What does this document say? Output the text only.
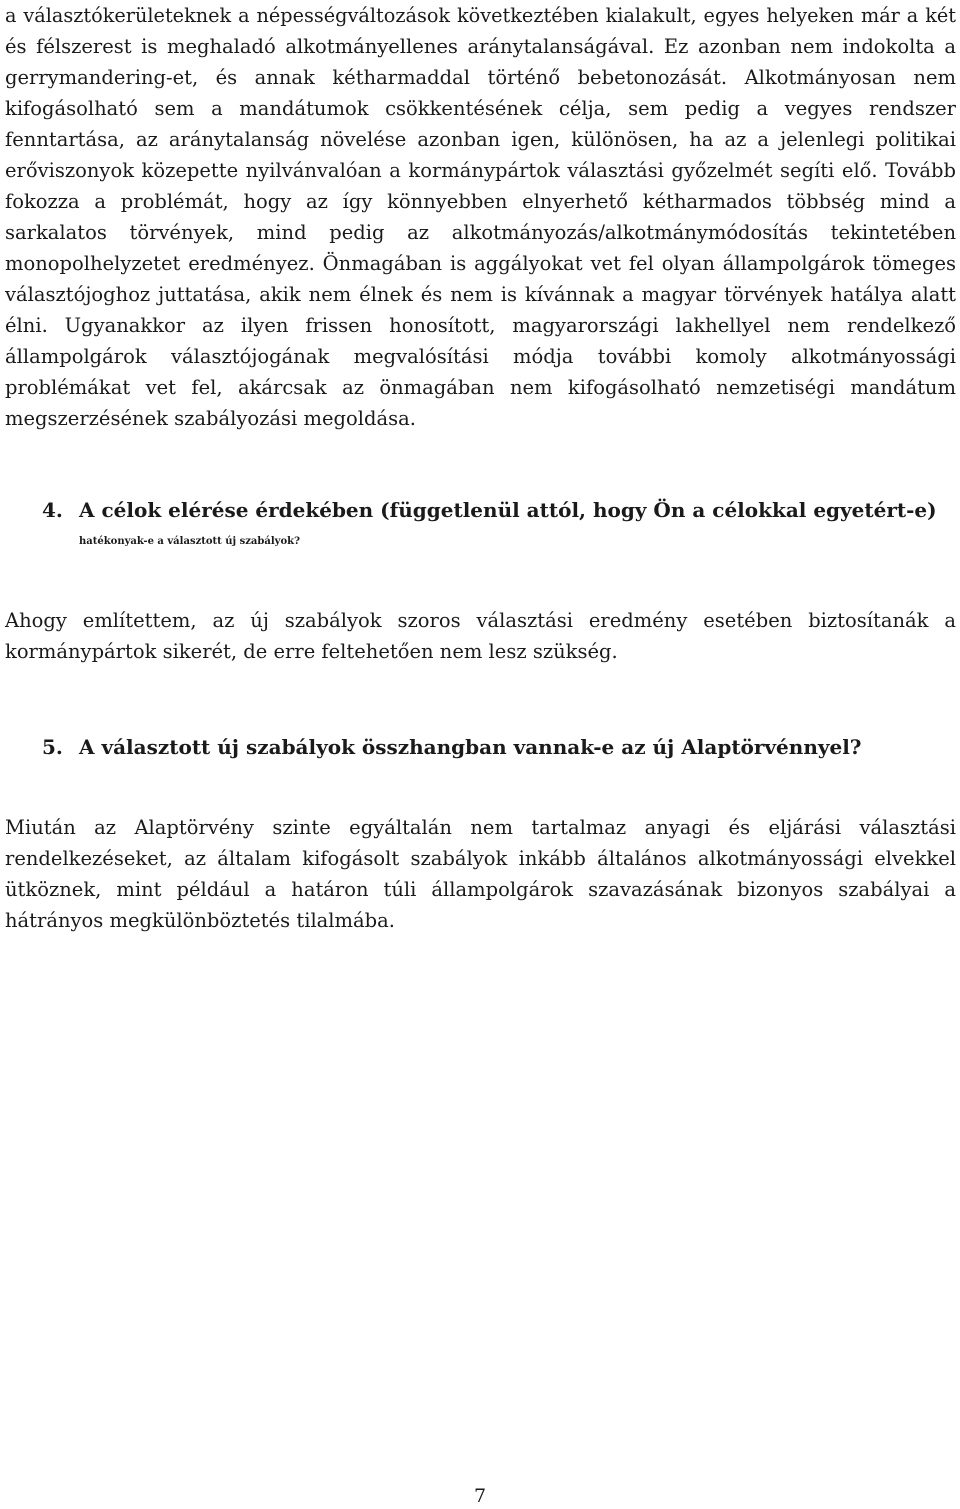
a választókerületeknek a népességváltozások következtében kialakult, egyes helyeken már a két
és félszerest is meghaladó alkotmányellenes aránytalanságával. Ez azonban nem indokolta a
gerrymandering-et, és annak kétharmaddal történő bebetonozását. Alkotmányosan nem
kifogásolható sem a mandátumok csökkentésének célja, sem pedig a vegyes rendszer
fenntartása, az aránytalanság növelése azonban igen, különösen, ha az a jelenlegi politikai
erőviszonyok közepette nyilvánvalóan a kormánypártok választási győzelmét segíti elő. Tovább
fokozza a problémát, hogy az így könnyebben elnyerhető kétharmados többség mind a
sarkalatos törvények, mind pedig az alkotmányozás/alkotmánymódosítás tekintetében
monopolhelyzetet eredményez. Önmagában is aggályokat vet fel olyan állampolgárok tömeges
választójoghoz juttatása, akik nem élnek és nem is kívánnak a magyar törvények hatálya alatt
élni. Ugyanakkor az ilyen frissen honosított, magyarországi lakhellyel nem rendelkező
állampolgárok választójogának megvalósítási módja további komoly alkotmányossági
problémákat vet fel, akárcsak az önmagában nem kifogásolható nemzetiségi mandátum
megszerzésének szabályozási megoldása.
4. A célok elérése érdekében (függetlenül attól, hogy Ön a célokkal egyetért-e)
hatékonyak-e a választott új szabályok?
Ahogy említettem, az új szabályok szoros választási eredmény esetében biztosítanák a
kormánypártok sikerét, de erre feltehetően nem lesz szükség.
5. A választott új szabályok összhangban vannak-e az új Alaptörvénnyel?
Miután az Alaptörvény szinte egyáltalán nem tartalmaz anyagi és eljárási választási
rendelkezéseket, az általam kifogásolt szabályok inkább általános alkotmányossági elvekkel
ütköznek, mint például a határon túli állampolgárok szavazásának bizonyos szabályai a
hátrányos megkülönböztetés tilalmába.
7
